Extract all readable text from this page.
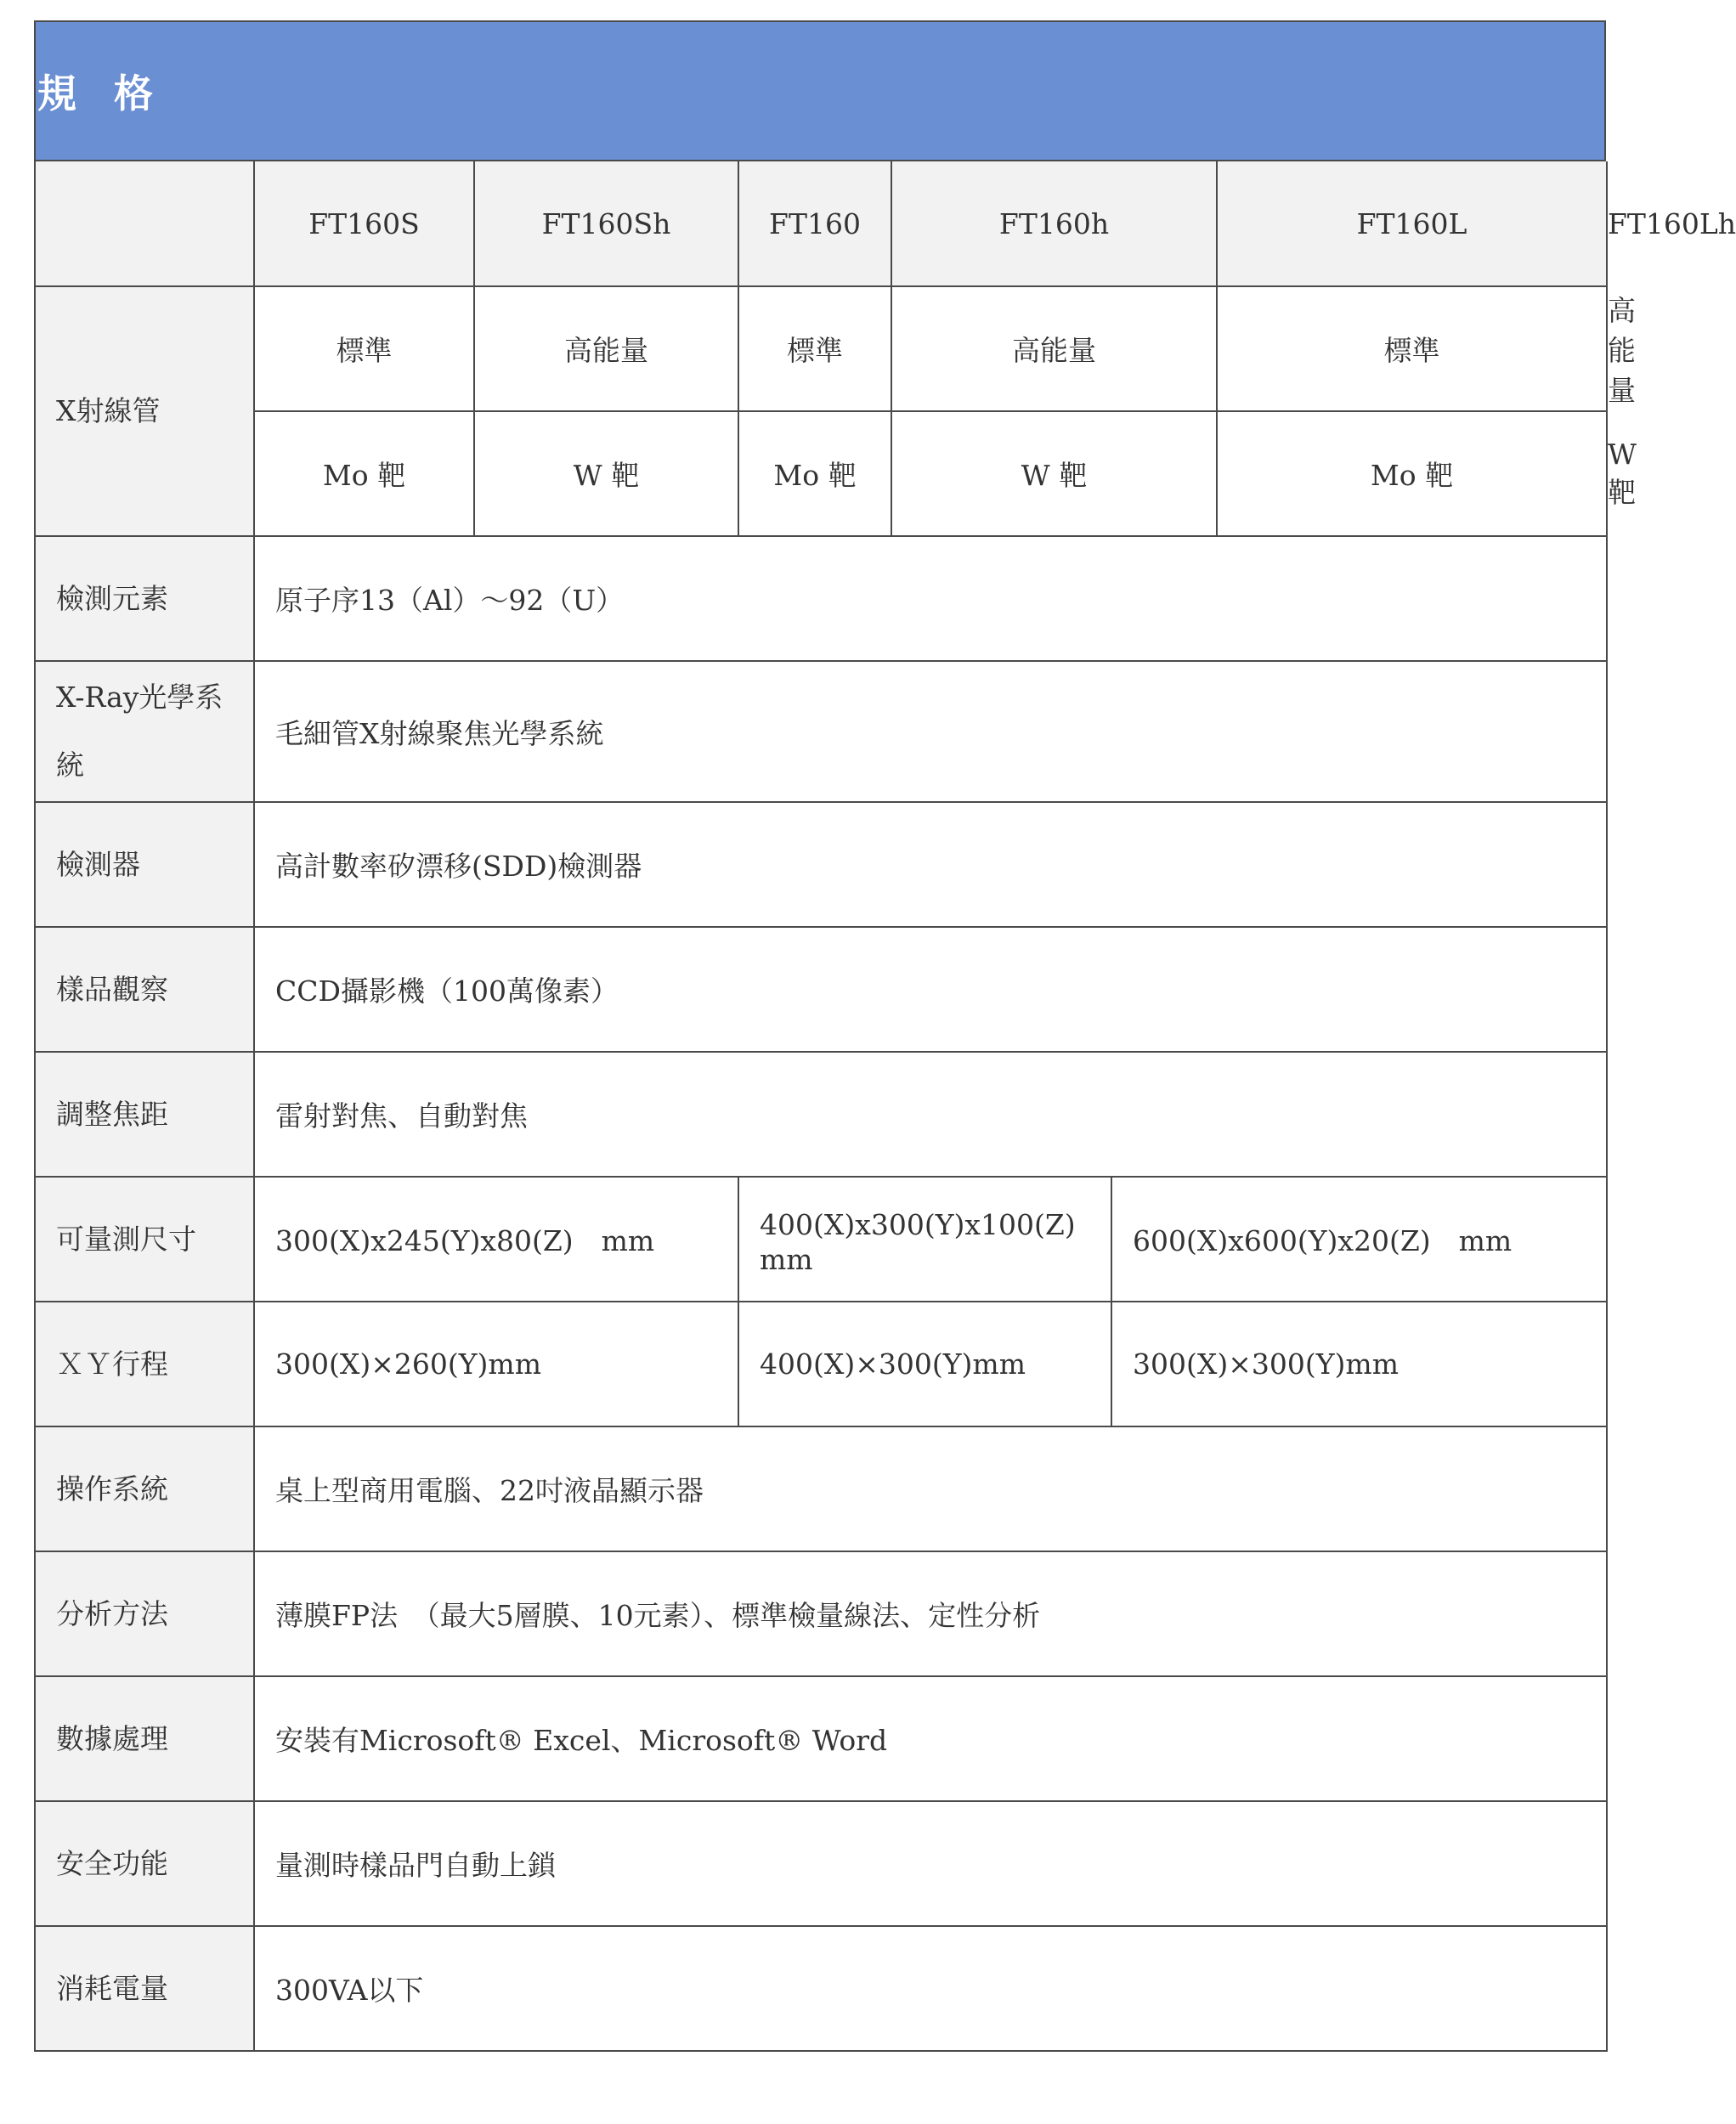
規 格
	FT160S	FT160Sh	FT160	FT160h		FT160L	FT160Lh
X射線管	標準	高能量	標準	高能量		標準	高能量
	Mo 靶	W 靶	Mo 靶	W 靶		Mo 靶	W 靶
檢測元素	原子序13（Al）～92（U）						
X-Ray光學系統	毛細管X射線聚焦光學系統						
檢測器	高計數率矽漂移(SDD)檢測器						
樣品觀察	CCD攝影機（100萬像素）						
調整焦距	雷射對焦、自動對焦						
可量測尺寸	300(X)x245(Y)x80(Z)　mm		400(X)x300(Y)x100(Z)　mm		600(X)x600(Y)x20(Z)　mm		
ＸＹ行程	300(X)×260(Y)mm		400(X)×300(Y)mm		300(X)×300(Y)mm		
操作系統	桌上型商用電腦、22吋液晶顯示器						
分析方法	薄膜FP法　（最大5層膜、10元素）、標準檢量線法、定性分析						
數據處理	安裝有Microsoft® Excel、Microsoft® Word						
安全功能	量測時樣品門自動上鎖						
消耗電量	300VA以下						
